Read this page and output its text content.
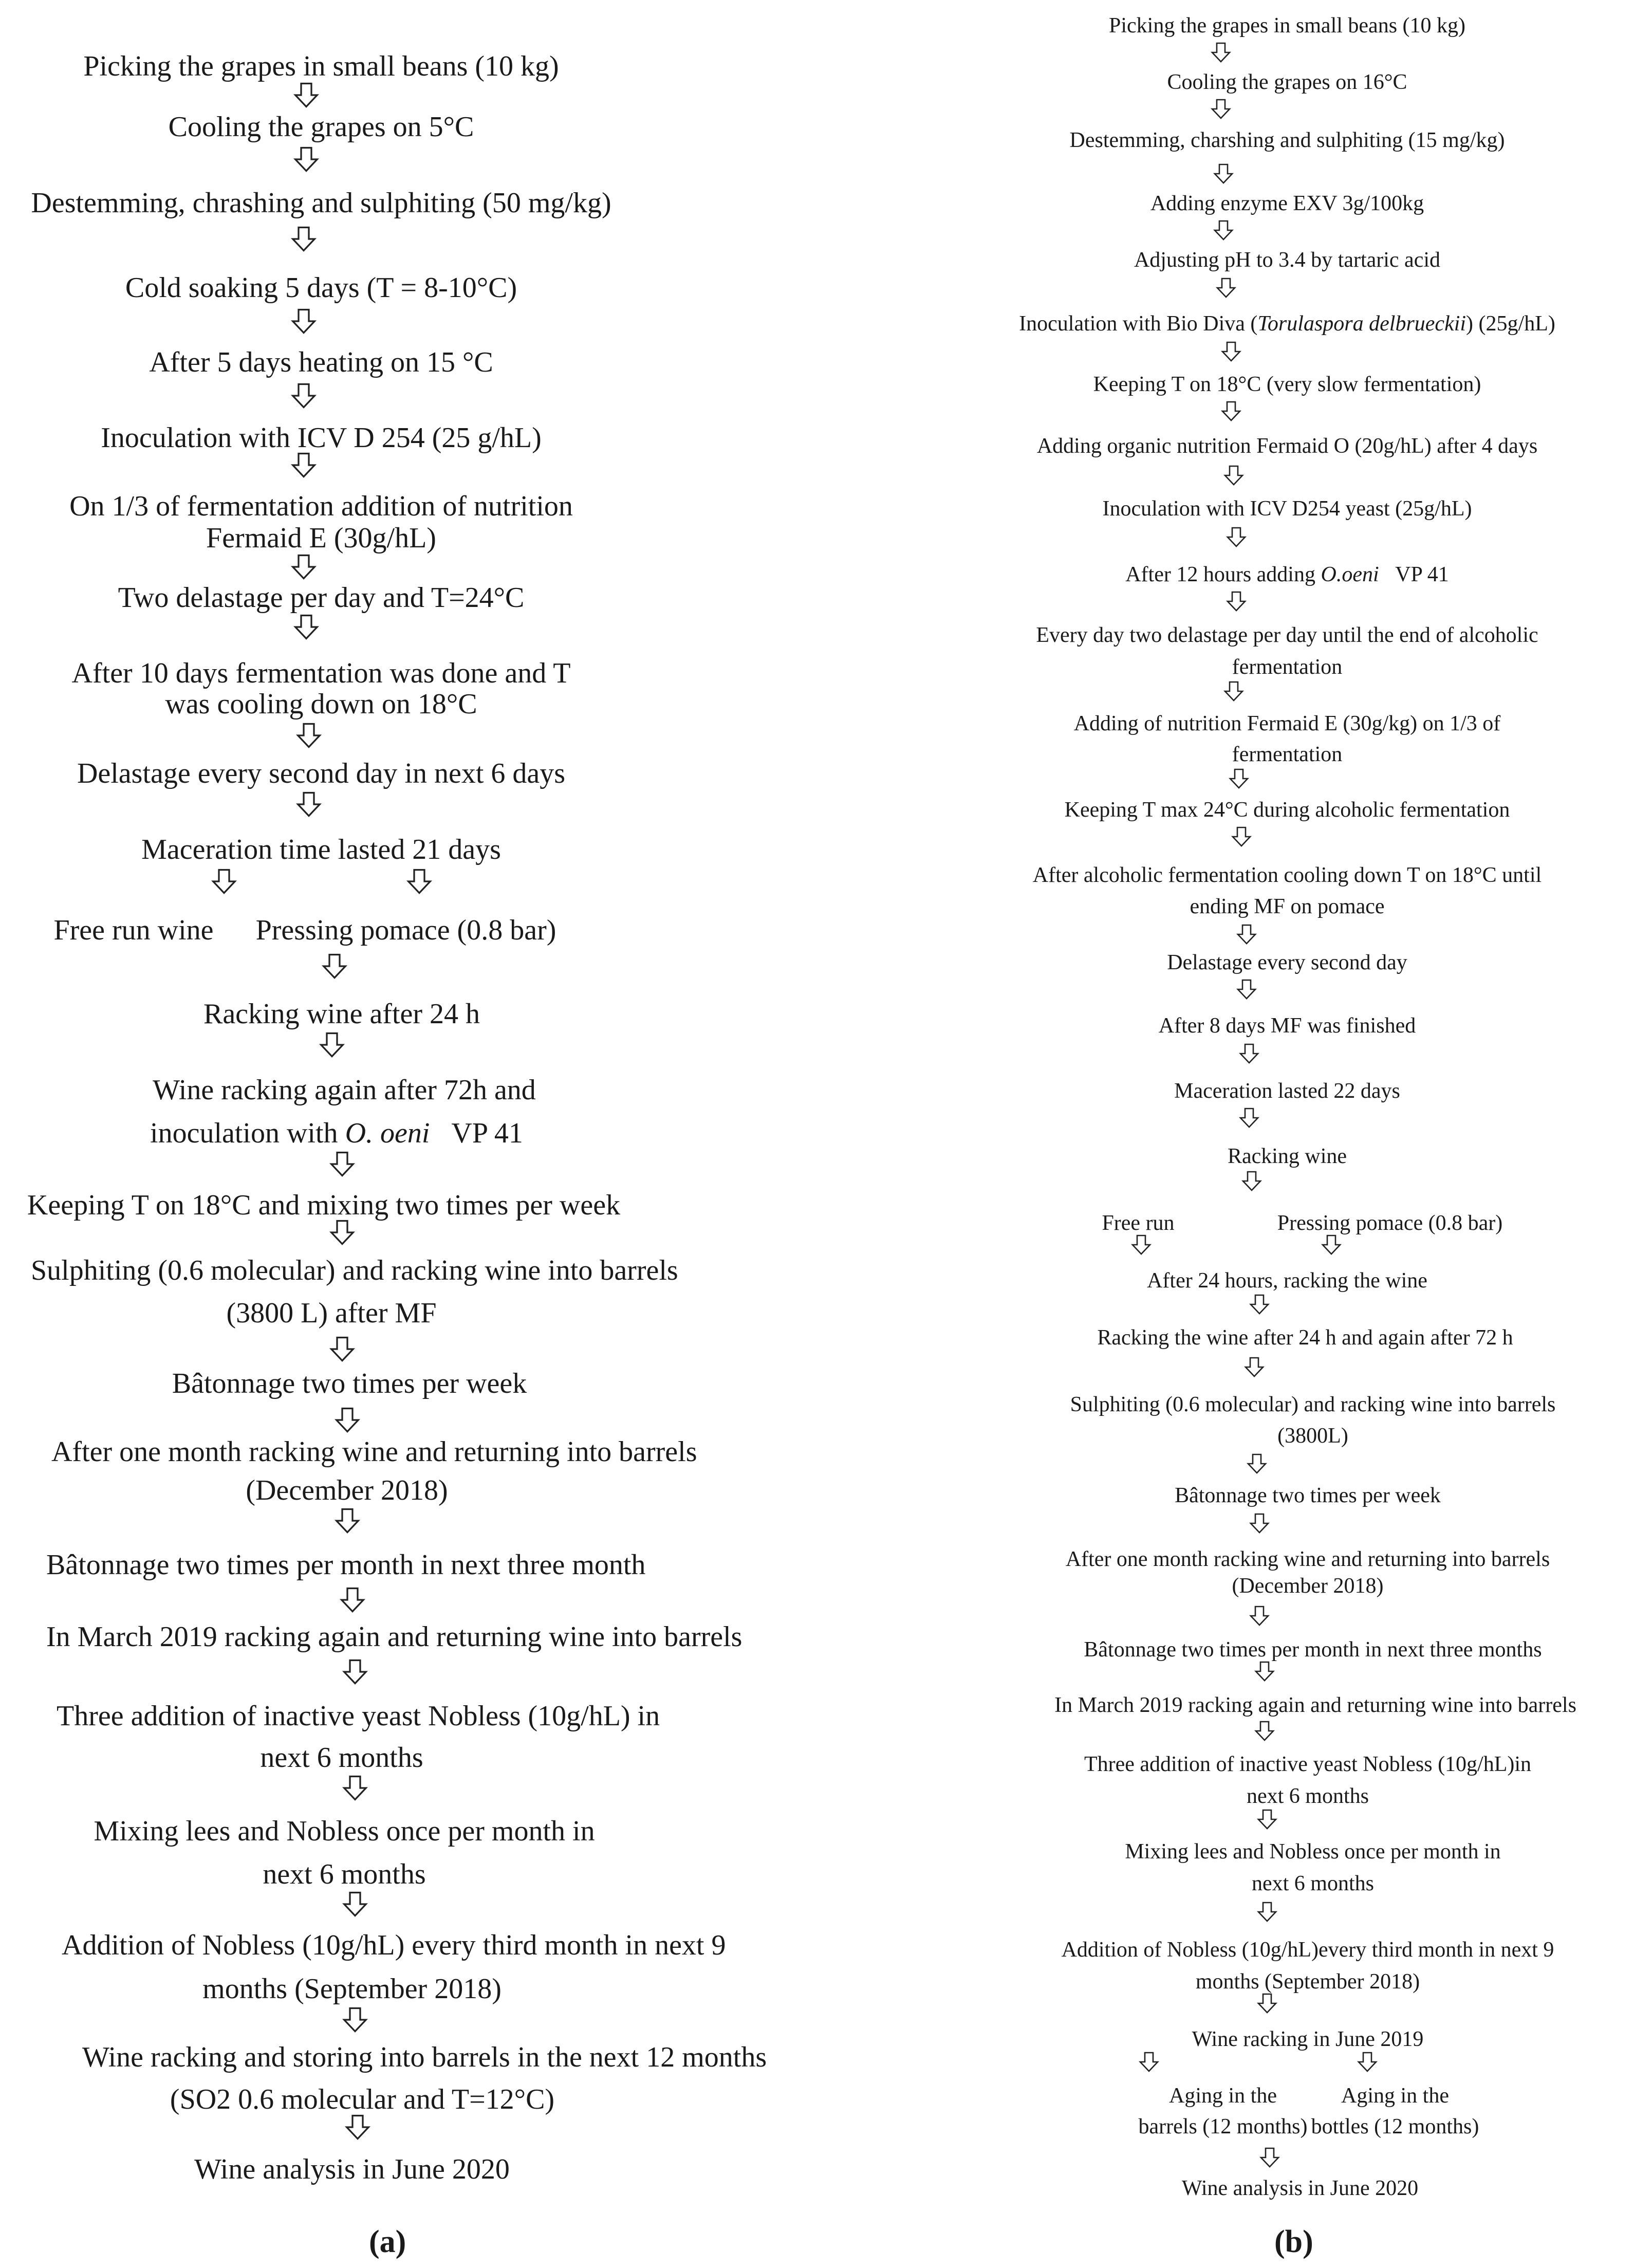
Picking the grapes in small beans (10 kg)
Cooling the grapes on 5°C
Destemming, chrashing and sulphiting (50 mg/kg)
Cold soaking 5 days (T = 8-10°C)
After 5 days heating on 15 °C
Inoculation with ICV D 254 (25 g/hL)
On 1/3 of fermentation addition of nutrition
Fermaid E (30g/hL)
Two delastage per day and T=24°C
After 10 days fermentation was done and T
was cooling down on 18°C
Delastage every second day in next 6 days
Maceration time lasted 21 days
Free run wine	Pressing pomace (0.8 bar)
Racking wine after 24 h
Wine racking again after 72h and
inoculation with O. oeni VP 41
Keeping T on 18°C and mixing two times per week
Sulphiting (0.6 molecular) and racking wine into barrels
(3800 L) after MF
Bâtonnage two times per week
After one month racking wine and returning into barrels
(December 2018)
Bâtonnage two times per month in next three month
In March 2019 racking again and returning wine into barrels
Three addition of inactive yeast Nobless (10g/hL) in
next 6 months
Mixing lees and Nobless once per month in
next 6 months
Addition of Nobless (10g/hL) every third month in next 9
months (September 2018)
Wine racking and storing into barrels in the next 12 months
(SO2 0.6 molecular and T=12°C)
Wine analysis in June 2020
(a)
Picking the grapes in small beans (10 kg)
Cooling the grapes on 16°C
Destemming, charshing and sulphiting (15 mg/kg)
Adding enzyme EXV 3g/100kg
Adjusting pH to 3.4 by tartaric acid
Inoculation with Bio Diva (Torulaspora delbrueckii) (25g/hL)
Keeping T on 18°C (very slow fermentation)
Adding organic nutrition Fermaid O (20g/hL) after 4 days
Inoculation with ICV D254 yeast (25g/hL)
After 12 hours adding O.oeni VP 41
Every day two delastage per day until the end of alcoholic
fermentation
Adding of nutrition Fermaid E (30g/kg) on 1/3 of
fermentation
Keeping T max 24°C during alcoholic fermentation
After alcoholic fermentation cooling down T on 18°C until
ending MF on pomace
Delastage every second day
After 8 days MF was finished
Maceration lasted 22 days
Racking wine
Free run	Pressing pomace (0.8 bar)
After 24 hours, racking the wine
Racking the wine after 24 h and again after 72 h
Sulphiting (0.6 molecular) and racking wine into barrels
(3800L)
Bâtonnage two times per week
After one month racking wine and returning into barrels
(December 2018)
Bâtonnage two times per month in next three months
In March 2019 racking again and returning wine into barrels
Three addition of inactive yeast Nobless (10g/hL)in
next 6 months
Mixing lees and Nobless once per month in
next 6 months
Addition of Nobless (10g/hL)every third month in next 9
months (September 2018)
Wine racking in June 2019
Aging in the
barrels (12 months)
Aging in the
bottles (12 months)
Wine analysis in June 2020
(b)
